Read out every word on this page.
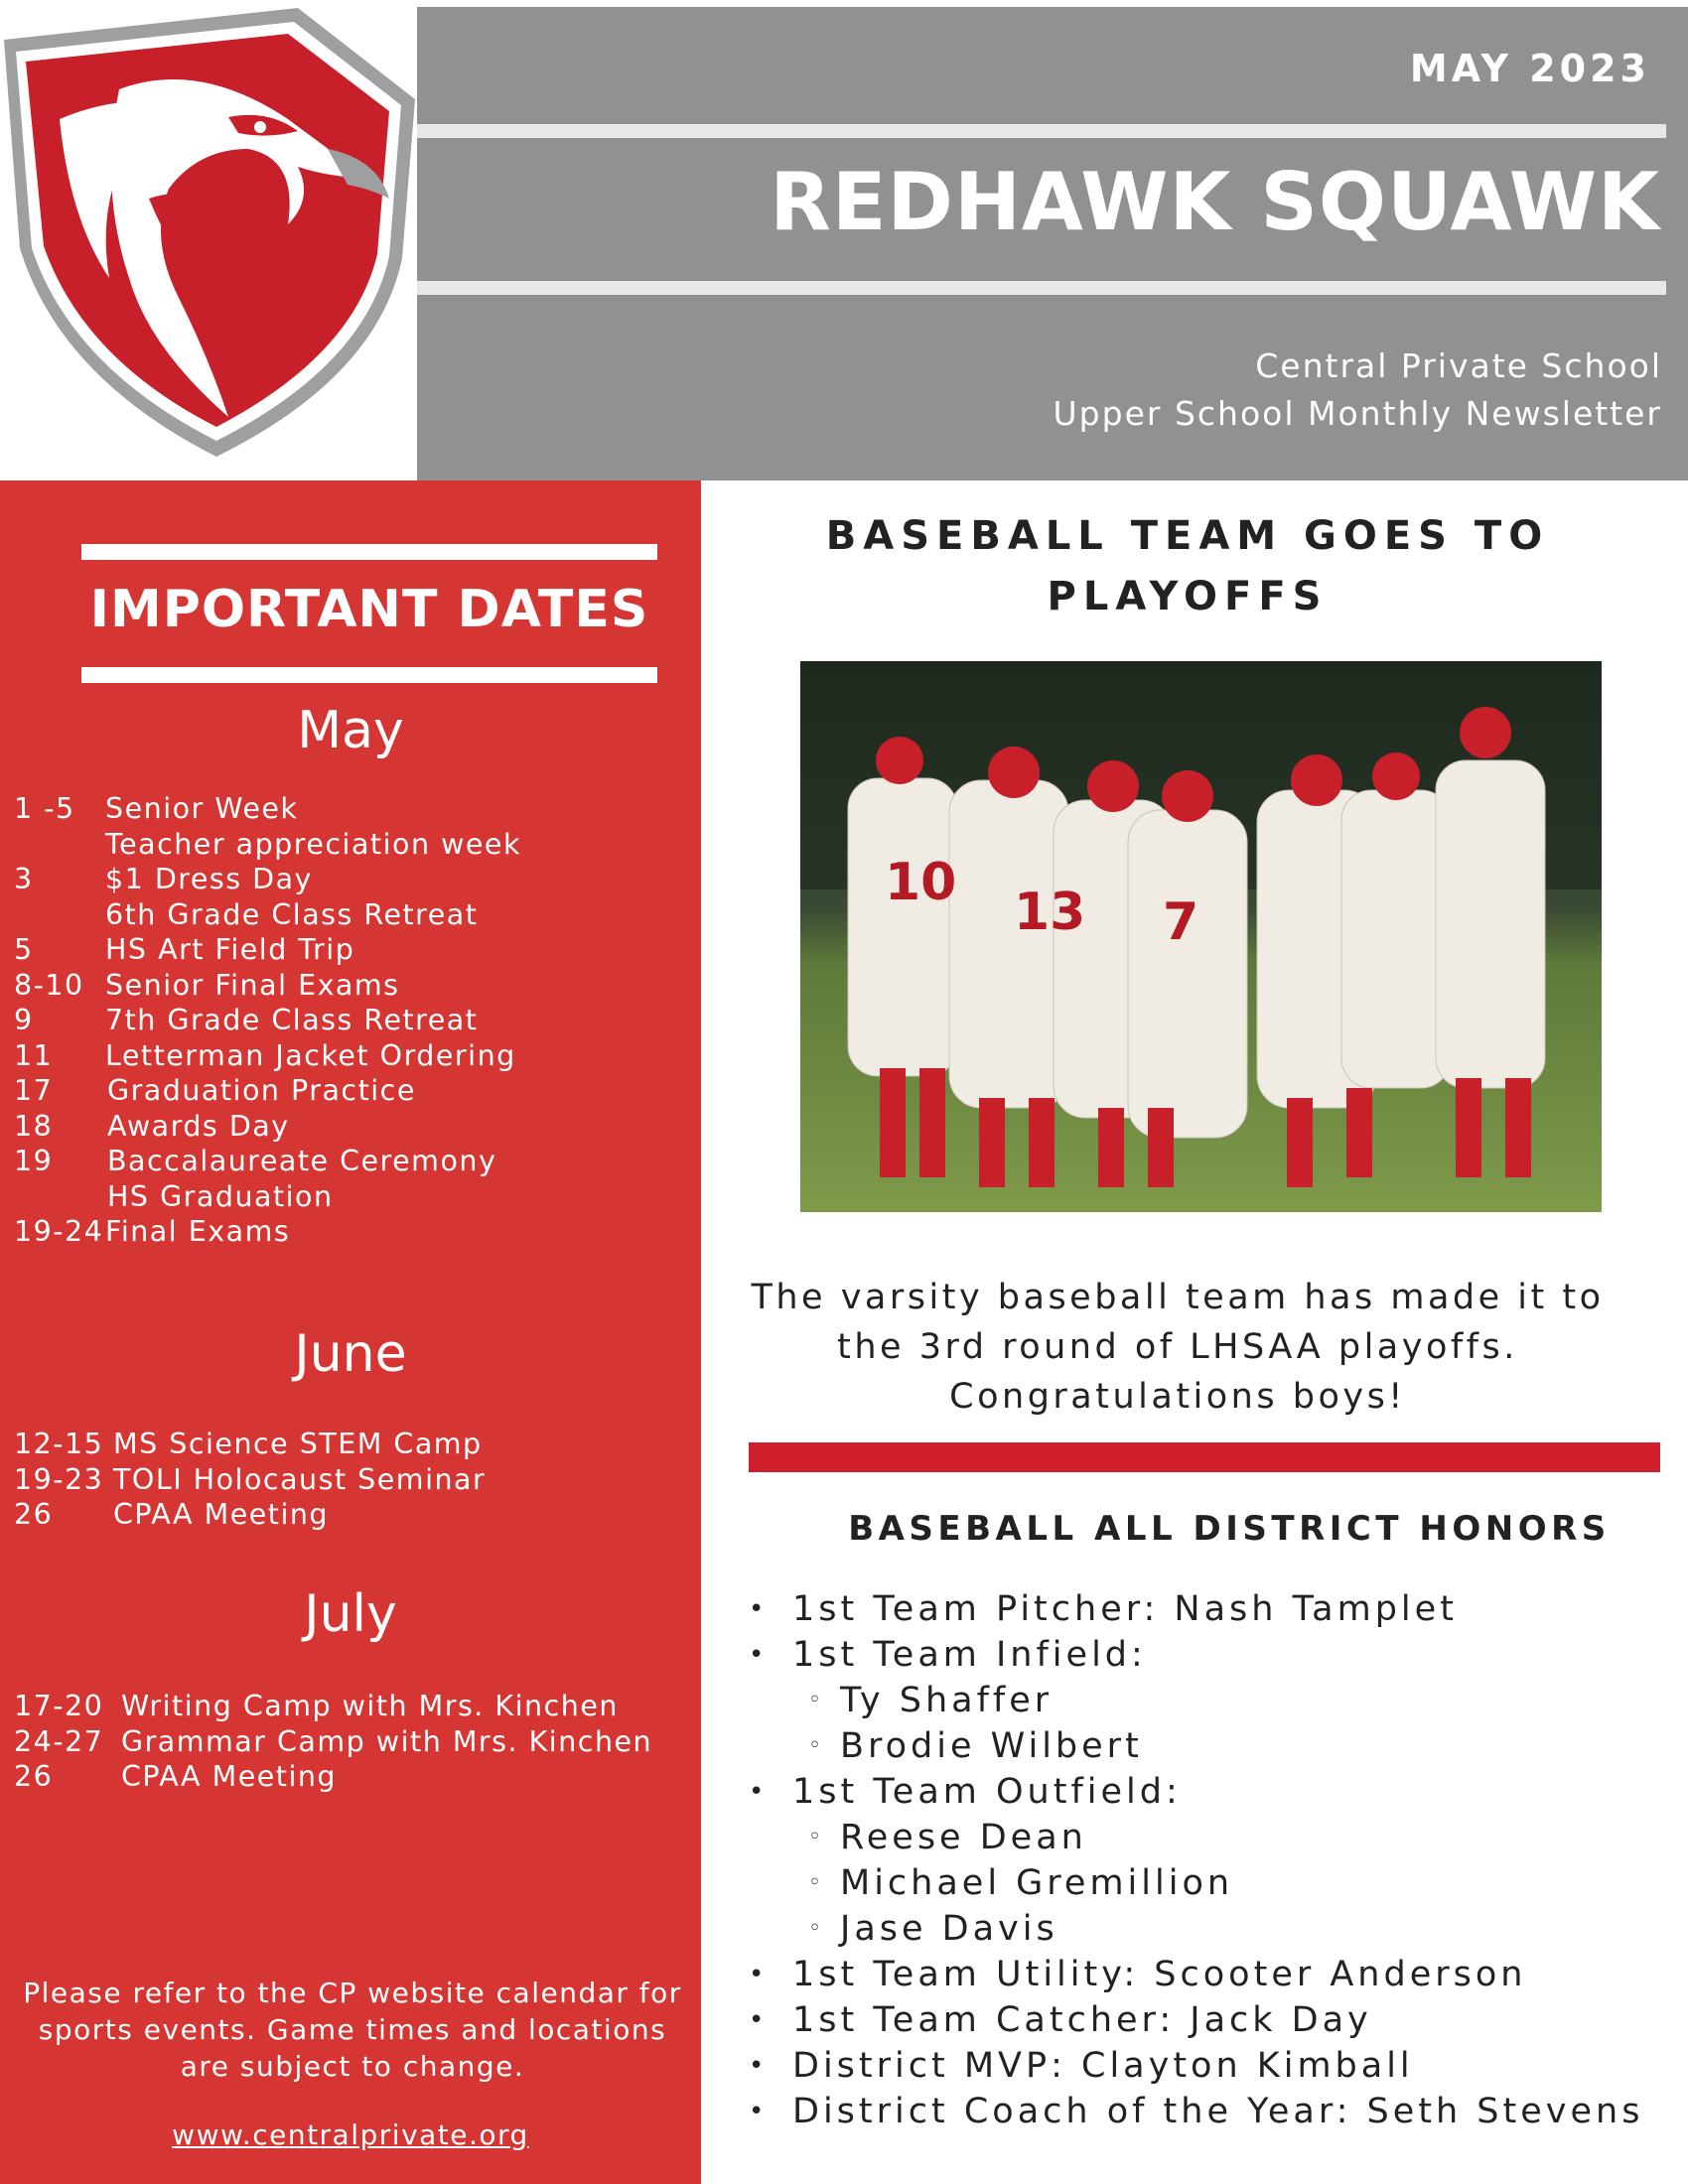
MAY 2023
REDHAWK SQUAWK
Central Private School
Upper School Monthly Newsletter
IMPORTANT DATES
May
1 -5 Senior Week
Teacher appreciation week
3	$1 Dress Day
6th Grade Class Retreat
5	HS Art Field Trip
8-10 Senior Final Exams
9	7th Grade Class Retreat
11 Letterman Jacket Ordering
17 Graduation Practice
18 Awards Day
19 Baccalaureate Ceremony
HS Graduation
19-24 Final Exams
June
12-15 MS Science STEM Camp
19-23 TOLI Holocaust Seminar
26 CPAA Meeting
July
17-20 Writing Camp with Mrs. Kinchen
24-27 Grammar Camp with Mrs. Kinchen
26 CPAA Meeting
Please refer to the CP website calendar for sports events. Game times and locations are subject to change.
www.centralprivate.org
BASEBALL TEAM GOES TO PLAYOFFS
10 13 7
The varsity baseball team has made it to the 3rd round of LHSAA playoffs. Congratulations boys!
BASEBALL ALL DISTRICT HONORS
• 1st Team Pitcher: Nash Tamplet
• 1st Team Infield:
◦ Ty Shaffer
◦ Brodie Wilbert
• 1st Team Outfield:
◦ Reese Dean
◦ Michael Gremillion
◦ Jase Davis
• 1st Team Utility: Scooter Anderson
• 1st Team Catcher: Jack Day
• District MVP: Clayton Kimball
• District Coach of the Year: Seth Stevens
